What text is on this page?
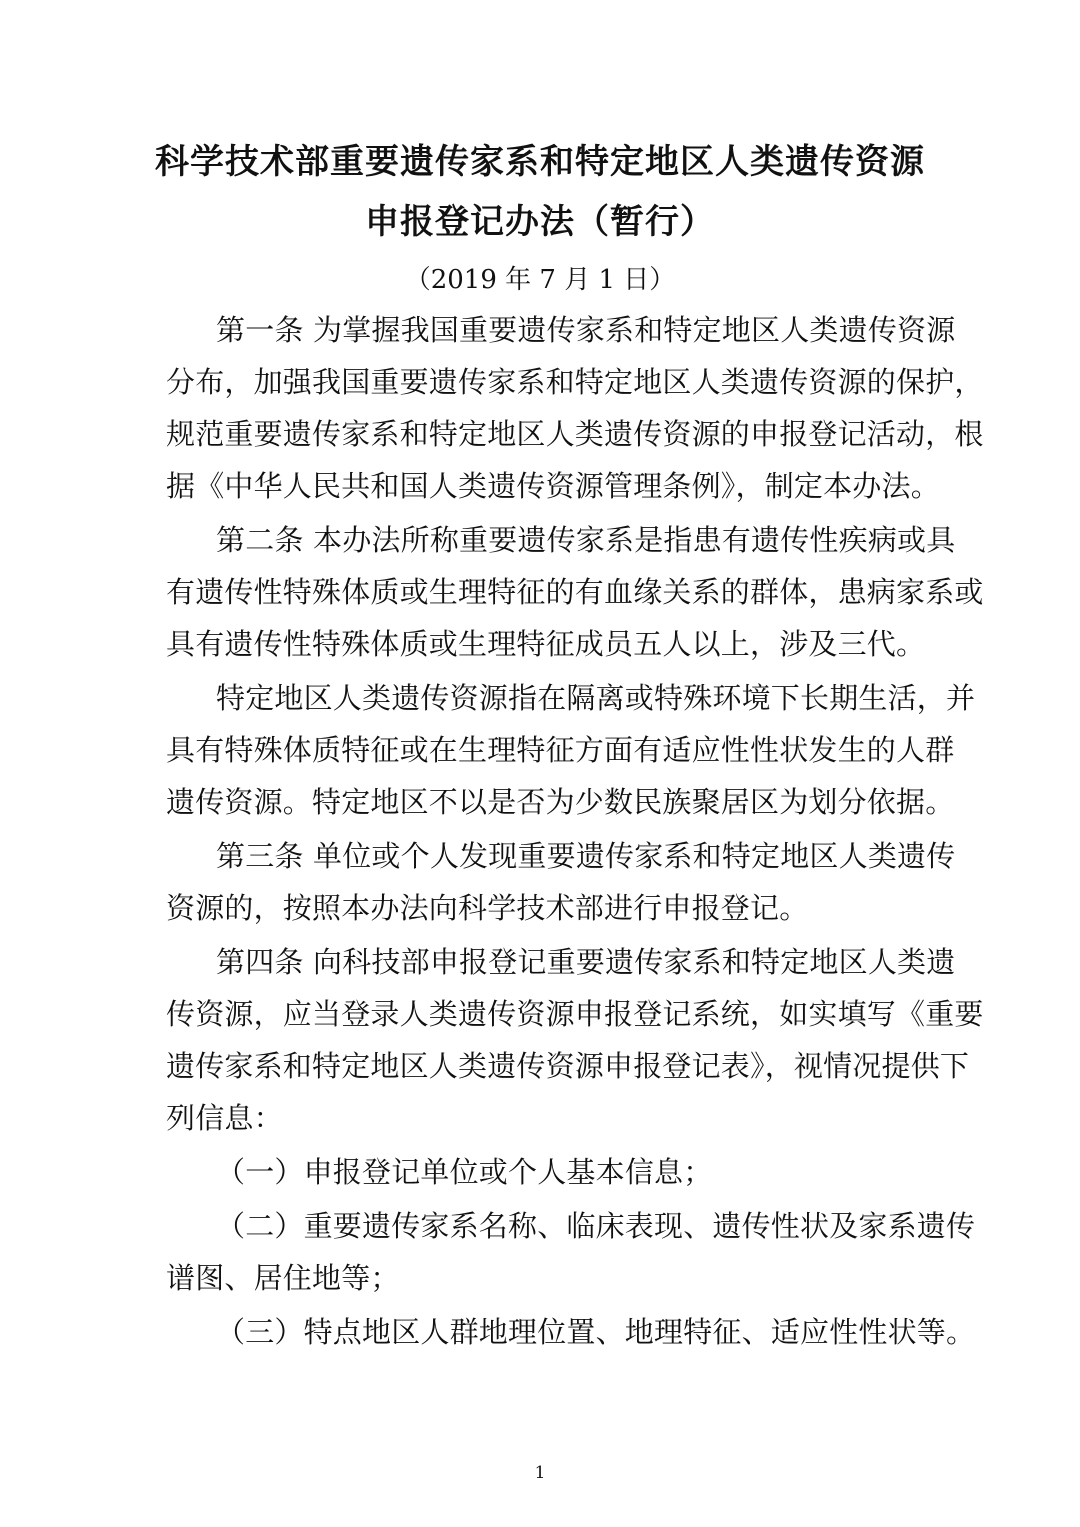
科学技术部重要遗传家系和特定地区人类遗传资源
申报登记办法（暂行）
（2019 年 7 月 1 日）
第一条 为掌握我国重要遗传家系和特定地区人类遗传资源
分布，加强我国重要遗传家系和特定地区人类遗传资源的保护，
规范重要遗传家系和特定地区人类遗传资源的申报登记活动，根
据《中华人民共和国人类遗传资源管理条例》，制定本办法。
第二条 本办法所称重要遗传家系是指患有遗传性疾病或具
有遗传性特殊体质或生理特征的有血缘关系的群体，患病家系或
具有遗传性特殊体质或生理特征成员五人以上，涉及三代。
特定地区人类遗传资源指在隔离或特殊环境下长期生活，并
具有特殊体质特征或在生理特征方面有适应性性状发生的人群
遗传资源。特定地区不以是否为少数民族聚居区为划分依据。
第三条 单位或个人发现重要遗传家系和特定地区人类遗传
资源的，按照本办法向科学技术部进行申报登记。
第四条 向科技部申报登记重要遗传家系和特定地区人类遗
传资源，应当登录人类遗传资源申报登记系统，如实填写《重要
遗传家系和特定地区人类遗传资源申报登记表》，视情况提供下
列信息：
（一）申报登记单位或个人基本信息；
（二）重要遗传家系名称、临床表现、遗传性状及家系遗传
谱图、居住地等；
（三）特点地区人群地理位置、地理特征、适应性性状等。
1
